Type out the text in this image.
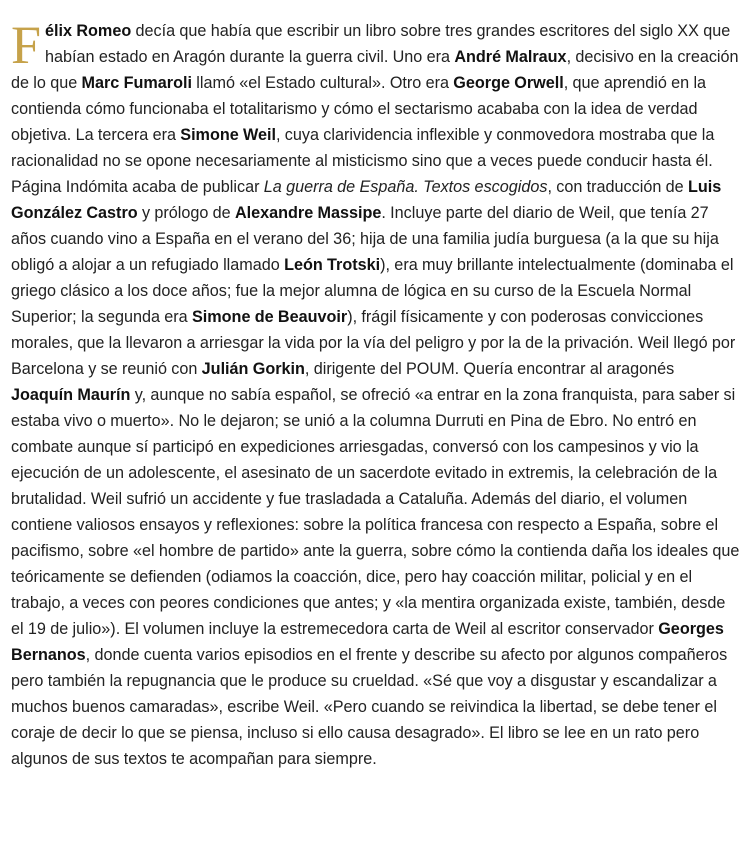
Félix Romeo decía que había que escribir un libro sobre tres grandes escritores del siglo XX que habían estado en Aragón durante la guerra civil. Uno era André Malraux, decisivo en la creación de lo que Marc Fumaroli llamó «el Estado cultural». Otro era George Orwell, que aprendió en la contienda cómo funcionaba el totalitarismo y cómo el sectarismo acababa con la idea de verdad objetiva. La tercera era Simone Weil, cuya clarividencia inflexible y conmovedora mostraba que la racionalidad no se opone necesariamente al misticismo sino que a veces puede conducir hasta él. Página Indómita acaba de publicar La guerra de España. Textos escogidos, con traducción de Luis González Castro y prólogo de Alexandre Massipe. Incluye parte del diario de Weil, que tenía 27 años cuando vino a España en el verano del 36; hija de una familia judía burguesa (a la que su hija obligó a alojar a un refugiado llamado León Trotski), era muy brillante intelectualmente (dominaba el griego clásico a los doce años; fue la mejor alumna de lógica en su curso de la Escuela Normal Superior; la segunda era Simone de Beauvoir), frágil físicamente y con poderosas convicciones morales, que la llevaron a arriesgar la vida por la vía del peligro y por la de la privación. Weil llegó por Barcelona y se reunió con Julián Gorkin, dirigente del POUM. Quería encontrar al aragonés Joaquín Maurín y, aunque no sabía español, se ofreció «a entrar en la zona franquista, para saber si estaba vivo o muerto». No le dejaron; se unió a la columna Durruti en Pina de Ebro. No entró en combate aunque sí participó en expediciones arriesgadas, conversó con los campesinos y vio la ejecución de un adolescente, el asesinato de un sacerdote evitado in extremis, la celebración de la brutalidad. Weil sufrió un accidente y fue trasladada a Cataluña. Además del diario, el volumen contiene valiosos ensayos y reflexiones: sobre la política francesa con respecto a España, sobre el pacifismo, sobre «el hombre de partido» ante la guerra, sobre cómo la contienda daña los ideales que teóricamente se defienden (odiamos la coacción, dice, pero hay coacción militar, policial y en el trabajo, a veces con peores condiciones que antes; y «la mentira organizada existe, también, desde el 19 de julio»). El volumen incluye la estremecedora carta de Weil al escritor conservador Georges Bernanos, donde cuenta varios episodios en el frente y describe su afecto por algunos compañeros pero también la repugnancia que le produce su crueldad. «Sé que voy a disgustar y escandalizar a muchos buenos camaradas», escribe Weil. «Pero cuando se reivindica la libertad, se debe tener el coraje de decir lo que se piensa, incluso si ello causa desagrado». El libro se lee en un rato pero algunos de sus textos te acompañan para siempre.
